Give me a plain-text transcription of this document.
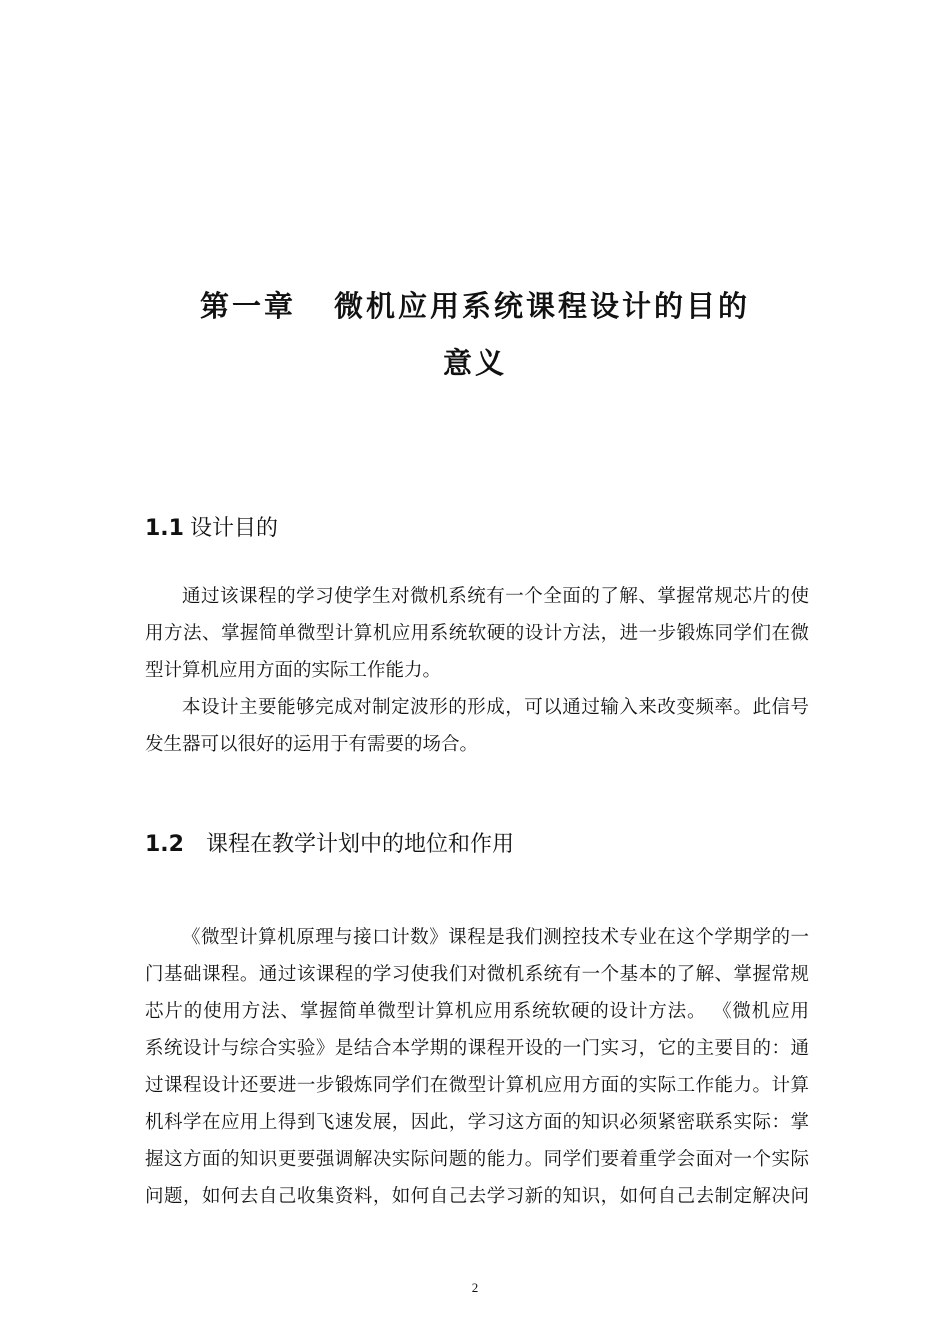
第一章 微机应用系统课程设计的目的
意义
1.1 设计目的
通过该课程的学习使学生对微机系统有一个全面的了解、掌握常规芯片的使
用方法、掌握简单微型计算机应用系统软硬的设计方法，进一步锻炼同学们在微
型计算机应用方面的实际工作能力。
本设计主要能够完成对制定波形的形成，可以通过输入来改变频率。此信号
发生器可以很好的运用于有需要的场合。
1.2 课程在教学计划中的地位和作用
《微型计算机原理与接口计数》课程是我们测控技术专业在这个学期学的一
门基础课程。通过该课程的学习使我们对微机系统有一个基本的了解、掌握常规
芯片的使用方法、掌握简单微型计算机应用系统软硬的设计方法。 《微机应用
系统设计与综合实验》是结合本学期的课程开设的一门实习，它的主要目的：通
过课程设计还要进一步锻炼同学们在微型计算机应用方面的实际工作能力。计算
机科学在应用上得到飞速发展，因此，学习这方面的知识必须紧密联系实际：掌
握这方面的知识更要强调解决实际问题的能力。同学们要着重学会面对一个实际
问题，如何去自己收集资料，如何自己去学习新的知识，如何自己去制定解决问
2
